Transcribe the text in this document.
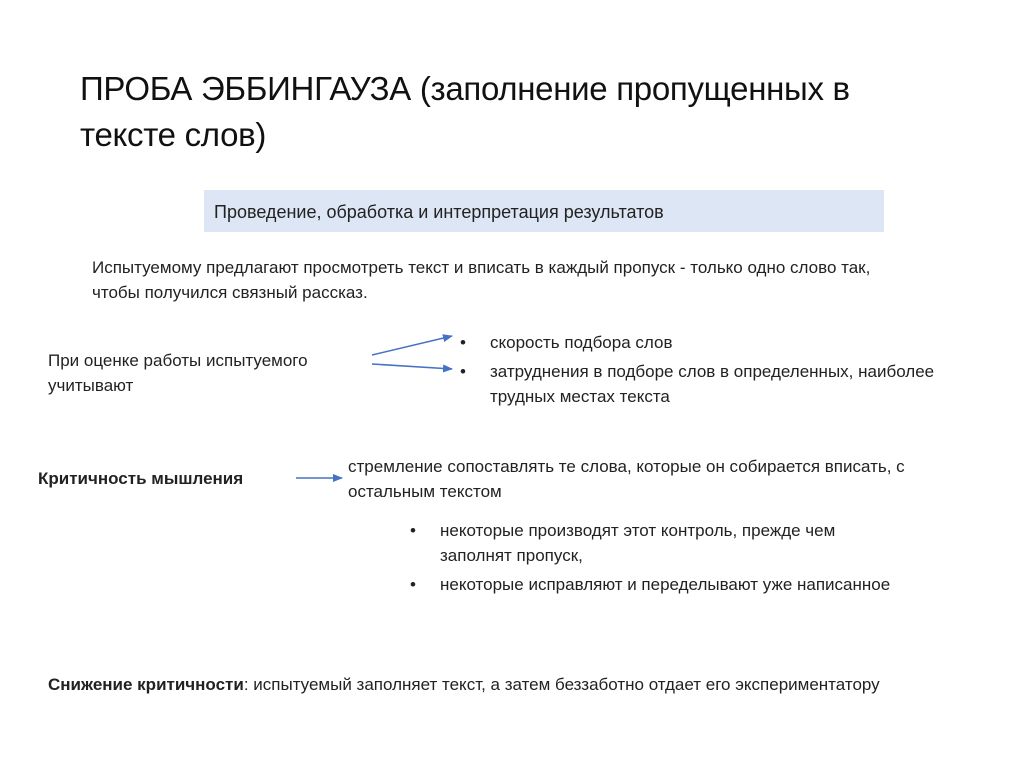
ПРОБА ЭББИНГАУЗА (заполнение пропущенных в тексте слов)
Проведение, обработка и интерпретация результатов
Испытуемому предлагают просмотреть текст и вписать в каждый пропуск - только одно слово так, чтобы получился связный рассказ.
При оценке работы испытуемого учитывают
• скорость подбора слов
• затруднения в подборе слов в определенных, наиболее трудных местах текста
Критичность мышления
стремление сопоставлять те слова, которые он собирается вписать, с остальным текстом
• некоторые производят этот контроль, прежде чем заполнят пропуск,
• некоторые исправляют и переделывают уже написанное
Снижение критичности: испытуемый заполняет текст, а затем беззаботно отдает его экспериментатору
